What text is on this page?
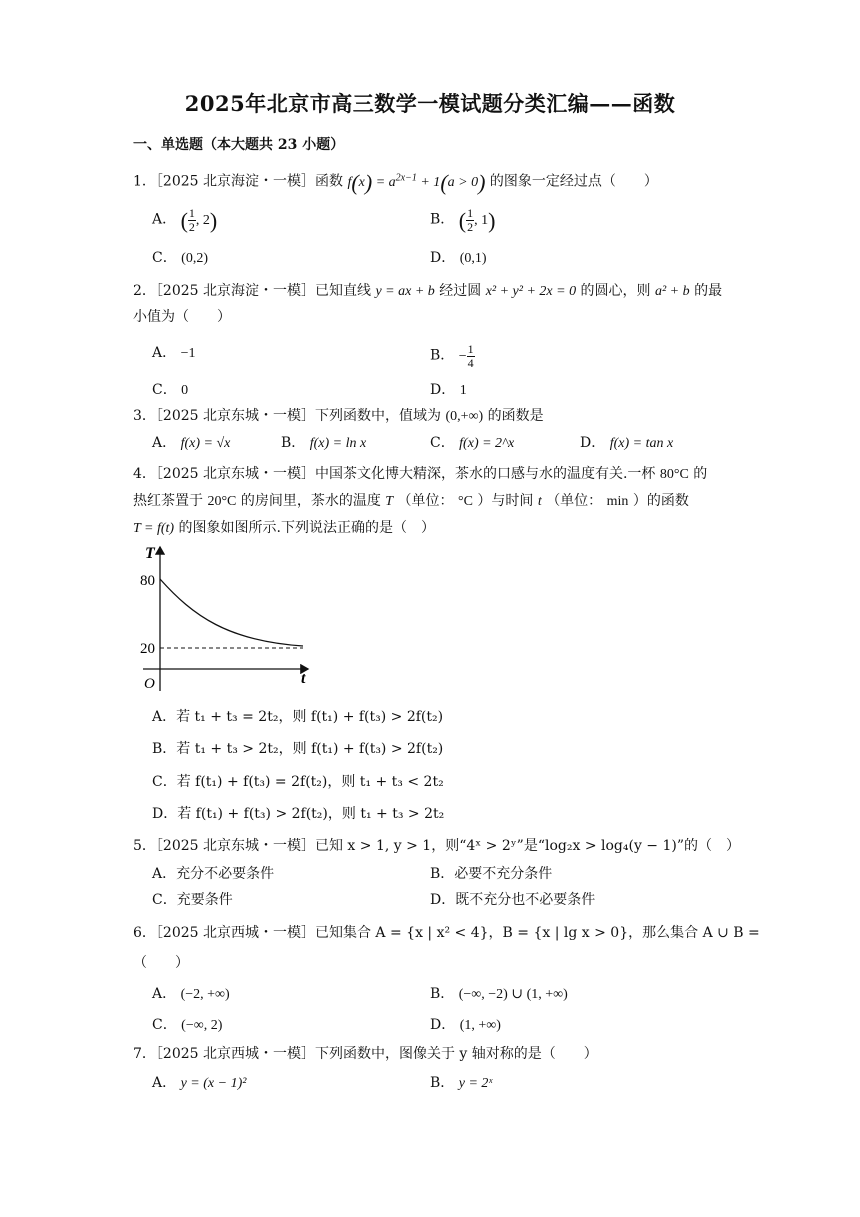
2025年北京市高三数学一模试题分类汇编——函数
一、单选题（本大题共 23 小题）
1．［2025 北京海淀・一模］函数 $f(x) = a^{2x-1} + 1(a > 0)$ 的图象一定经过点（　　）
A． ( $\frac{1}{2}$ , 2)	B． ( $\frac{1}{2}$ , 1)
C． (0,2)	D． (0,1)
2．［2025 北京海淀・一模］已知直线 y = ax + b 经过圆 x² + y² + 2x = 0 的圆心，则 a² + b 的最
小值为（　　）
A． −1	B． − $\frac{1}{4}$
C． 0	D． 1
3．［2025 北京东城・一模］下列函数中，值域为 (0,+∞) 的函数是
A． f(x) = √x	B． f(x) = ln x	C． f(x) = 2^x	D． f(x) = tan x
4．［2025 北京东城・一模］中国茶文化博大精深，茶水的口感与水的温度有关.一杯 80°C 的
热红茶置于 20°C 的房间里，茶水的温度 T （单位： °C ）与时间 t （单位： min ）的函数
T = f(t) 的图象如图所示.下列说法正确的是（　）
T
t
O
80
20
A．若 t₁ + t₃ = 2t₂，则 f(t₁) + f(t₃) > 2f(t₂)
B．若 t₁ + t₃ > 2t₂，则 f(t₁) + f(t₃) > 2f(t₂)
C．若 f(t₁) + f(t₃) = 2f(t₂)，则 t₁ + t₃ < 2t₂
D．若 f(t₁) + f(t₃) > 2f(t₂)，则 t₁ + t₃ > 2t₂
5．［2025 北京东城・一模］已知 x > 1, y > 1，则“4ˣ > 2ʸ”是“log₂x > log₄(y − 1)”的（　）
A．充分不必要条件	B．必要不充分条件
C．充要条件	D．既不充分也不必要条件
6．［2025 北京西城・一模］已知集合 A = {x | x² < 4}，B = {x | lg x > 0}，那么集合 A ∪ B =
（　　）
A． (−2, +∞)	B． (−∞, −2) ∪ (1, +∞)
C． (−∞, 2)	D． (1, +∞)
7．［2025 北京西城・一模］下列函数中，图像关于 y 轴对称的是（　　）
A． y = (x − 1)²	B． y = 2ˣ
